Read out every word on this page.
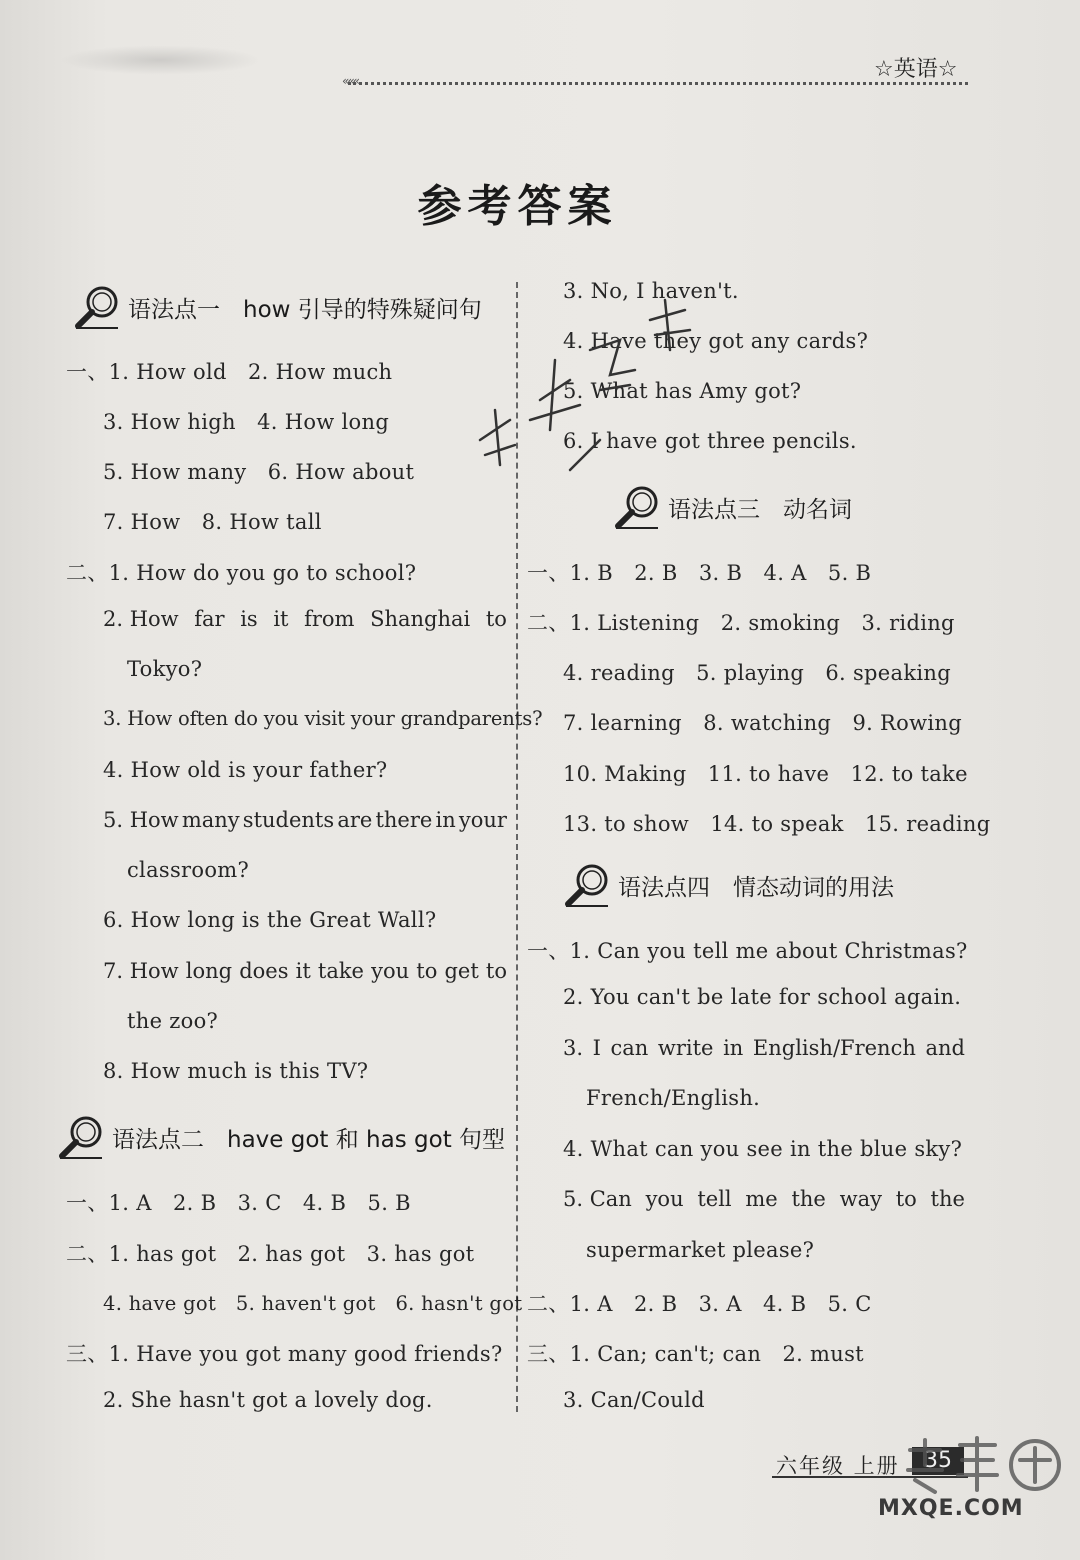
«««	☆英语☆
参考答案
语法点一　how 引导的特殊疑问句
语法点二　have got 和 has got 句型
语法点三　动名词
语法点四　情态动词的用法
一、1. How old　2. How much
3. How high　4. How long
5. How many　6. How about
7. How　8. How tall
二、1. How do you go to school?
2. How far is it from Shanghai to
Tokyo?
3. How often do you visit your grandparents?
4. How old is your father?
5. How many students are there in your
classroom?
6. How long is the Great Wall?
7. How long does it take you to get to
the zoo?
8. How much is this TV?
一、1. A　2. B　3. C　4. B　5. B
二、1. has got　2. has got　3. has got
4. have got　5. haven't got　6. hasn't got
三、1. Have you got many good friends?
2. She hasn't got a lovely dog.
3. No, I haven't.
4. Have they got any cards?
5. What has Amy got?
6. I have got three pencils.
一、1. B　2. B　3. B　4. A　5. B
二、1. Listening　2. smoking　3. riding
4. reading　5. playing　6. speaking
7. learning　8. watching　9. Rowing
10. Making　11. to have　12. to take
13. to show　14. to speak　15. reading
一、1. Can you tell me about Christmas?
2. You can't be late for school again.
3. I can write in English/French and
French/English.
4. What can you see in the blue sky?
5. Can you tell me the way to the
supermarket please?
二、1. A　2. B　3. A　4. B　5. C
三、1. Can; can't; can　2. must
3. Can/Could
六年级 上册	35
MXQE.COM
